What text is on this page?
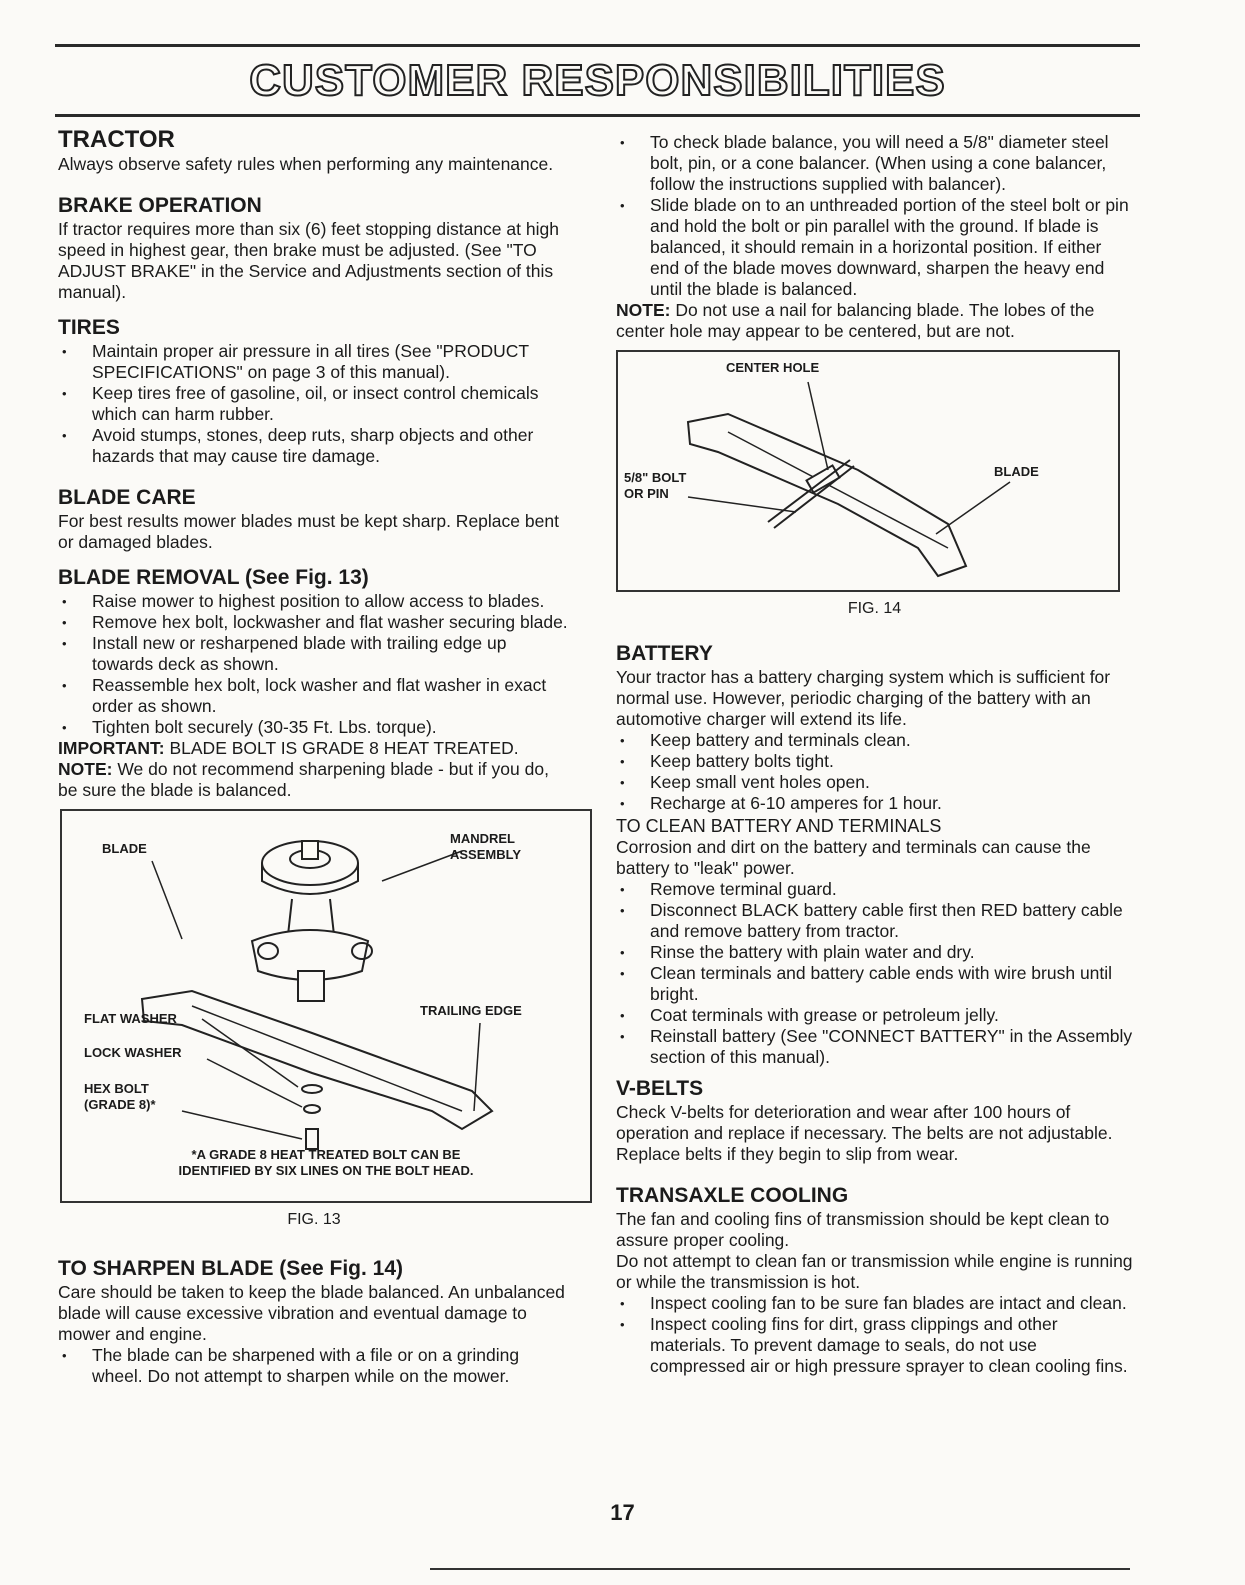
CUSTOMER RESPONSIBILITIES
TRACTOR

Always observe safety rules when performing any maintenance.

BRAKE OPERATION

If tractor requires more than six (6) feet stopping distance at high speed in highest gear, then brake must be adjusted. (See "TO ADJUST BRAKE" in the Service and Adjustments section of this manual).

TIRES
• Maintain proper air pressure in all tires (See "PRODUCT SPECIFICATIONS" on page 3 of this manual).
• Keep tires free of gasoline, oil, or insect control chemicals which can harm rubber.
• Avoid stumps, stones, deep ruts, sharp objects and other hazards that may cause tire damage.
BLADE CARE

For best results mower blades must be kept sharp. Replace bent or damaged blades.

BLADE REMOVAL (See Fig. 13)
• Raise mower to highest position to allow access to blades.
• Remove hex bolt, lockwasher and flat washer securing blade.
• Install new or resharpened blade with trailing edge up towards deck as shown.
• Reassemble hex bolt, lock washer and flat washer in exact order as shown.
• Tighten bolt securely (30-35 Ft. Lbs. torque).

IMPORTANT: BLADE BOLT IS GRADE 8 HEAT TREATED.

NOTE: We do not recommend sharpening blade - but if you do, be sure the blade is balanced.

BLADE
MANDREL ASSEMBLY
TRAILING EDGE
FLAT WASHER
LOCK WASHER
HEX BOLT
(GRADE 8)*
*A GRADE 8 HEAT TREATED BOLT CAN BE
IDENTIFIED BY SIX LINES ON THE BOLT HEAD.
FIG. 13
TO SHARPEN BLADE (See Fig. 14)

Care should be taken to keep the blade balanced. An unbalanced blade will cause excessive vibration and eventual damage to mower and engine.

• The blade can be sharpened with a file or on a grinding wheel. Do not attempt to sharpen while on the mower.
• To check blade balance, you will need a 5/8" diameter steel bolt, pin, or a cone balancer. (When using a cone balancer, follow the instructions supplied with balancer).
• Slide blade on to an unthreaded portion of the steel bolt or pin and hold the bolt or pin parallel with the ground. If blade is balanced, it should remain in a horizontal position. If either end of the blade moves downward, sharpen the heavy end until the blade is balanced.

NOTE: Do not use a nail for balancing blade. The lobes of the center hole may appear to be centered, but are not.

CENTER HOLE
5/8" BOLT
OR PIN
BLADE
FIG. 14
BATTERY

Your tractor has a battery charging system which is sufficient for normal use. However, periodic charging of the battery with an automotive charger will extend its life.

• Keep battery and terminals clean.
• Keep battery bolts tight.
• Keep small vent holes open.
• Recharge at 6-10 amperes for 1 hour.

TO CLEAN BATTERY AND TERMINALS

Corrosion and dirt on the battery and terminals can cause the battery to "leak" power.

• Remove terminal guard.
• Disconnect BLACK battery cable first then RED battery cable and remove battery from tractor.
• Rinse the battery with plain water and dry.
• Clean terminals and battery cable ends with wire brush until bright.
• Coat terminals with grease or petroleum jelly.
• Reinstall battery (See "CONNECT BATTERY" in the Assembly section of this manual).
V-BELTS

Check V-belts for deterioration and wear after 100 hours of operation and replace if necessary. The belts are not adjustable. Replace belts if they begin to slip from wear.

TRANSAXLE COOLING

The fan and cooling fins of transmission should be kept clean to assure proper cooling.

Do not attempt to clean fan or transmission while engine is running or while the transmission is hot.

• Inspect cooling fan to be sure fan blades are intact and clean.
• Inspect cooling fins for dirt, grass clippings and other materials. To prevent damage to seals, do not use compressed air or high pressure sprayer to clean cooling fins.
17
